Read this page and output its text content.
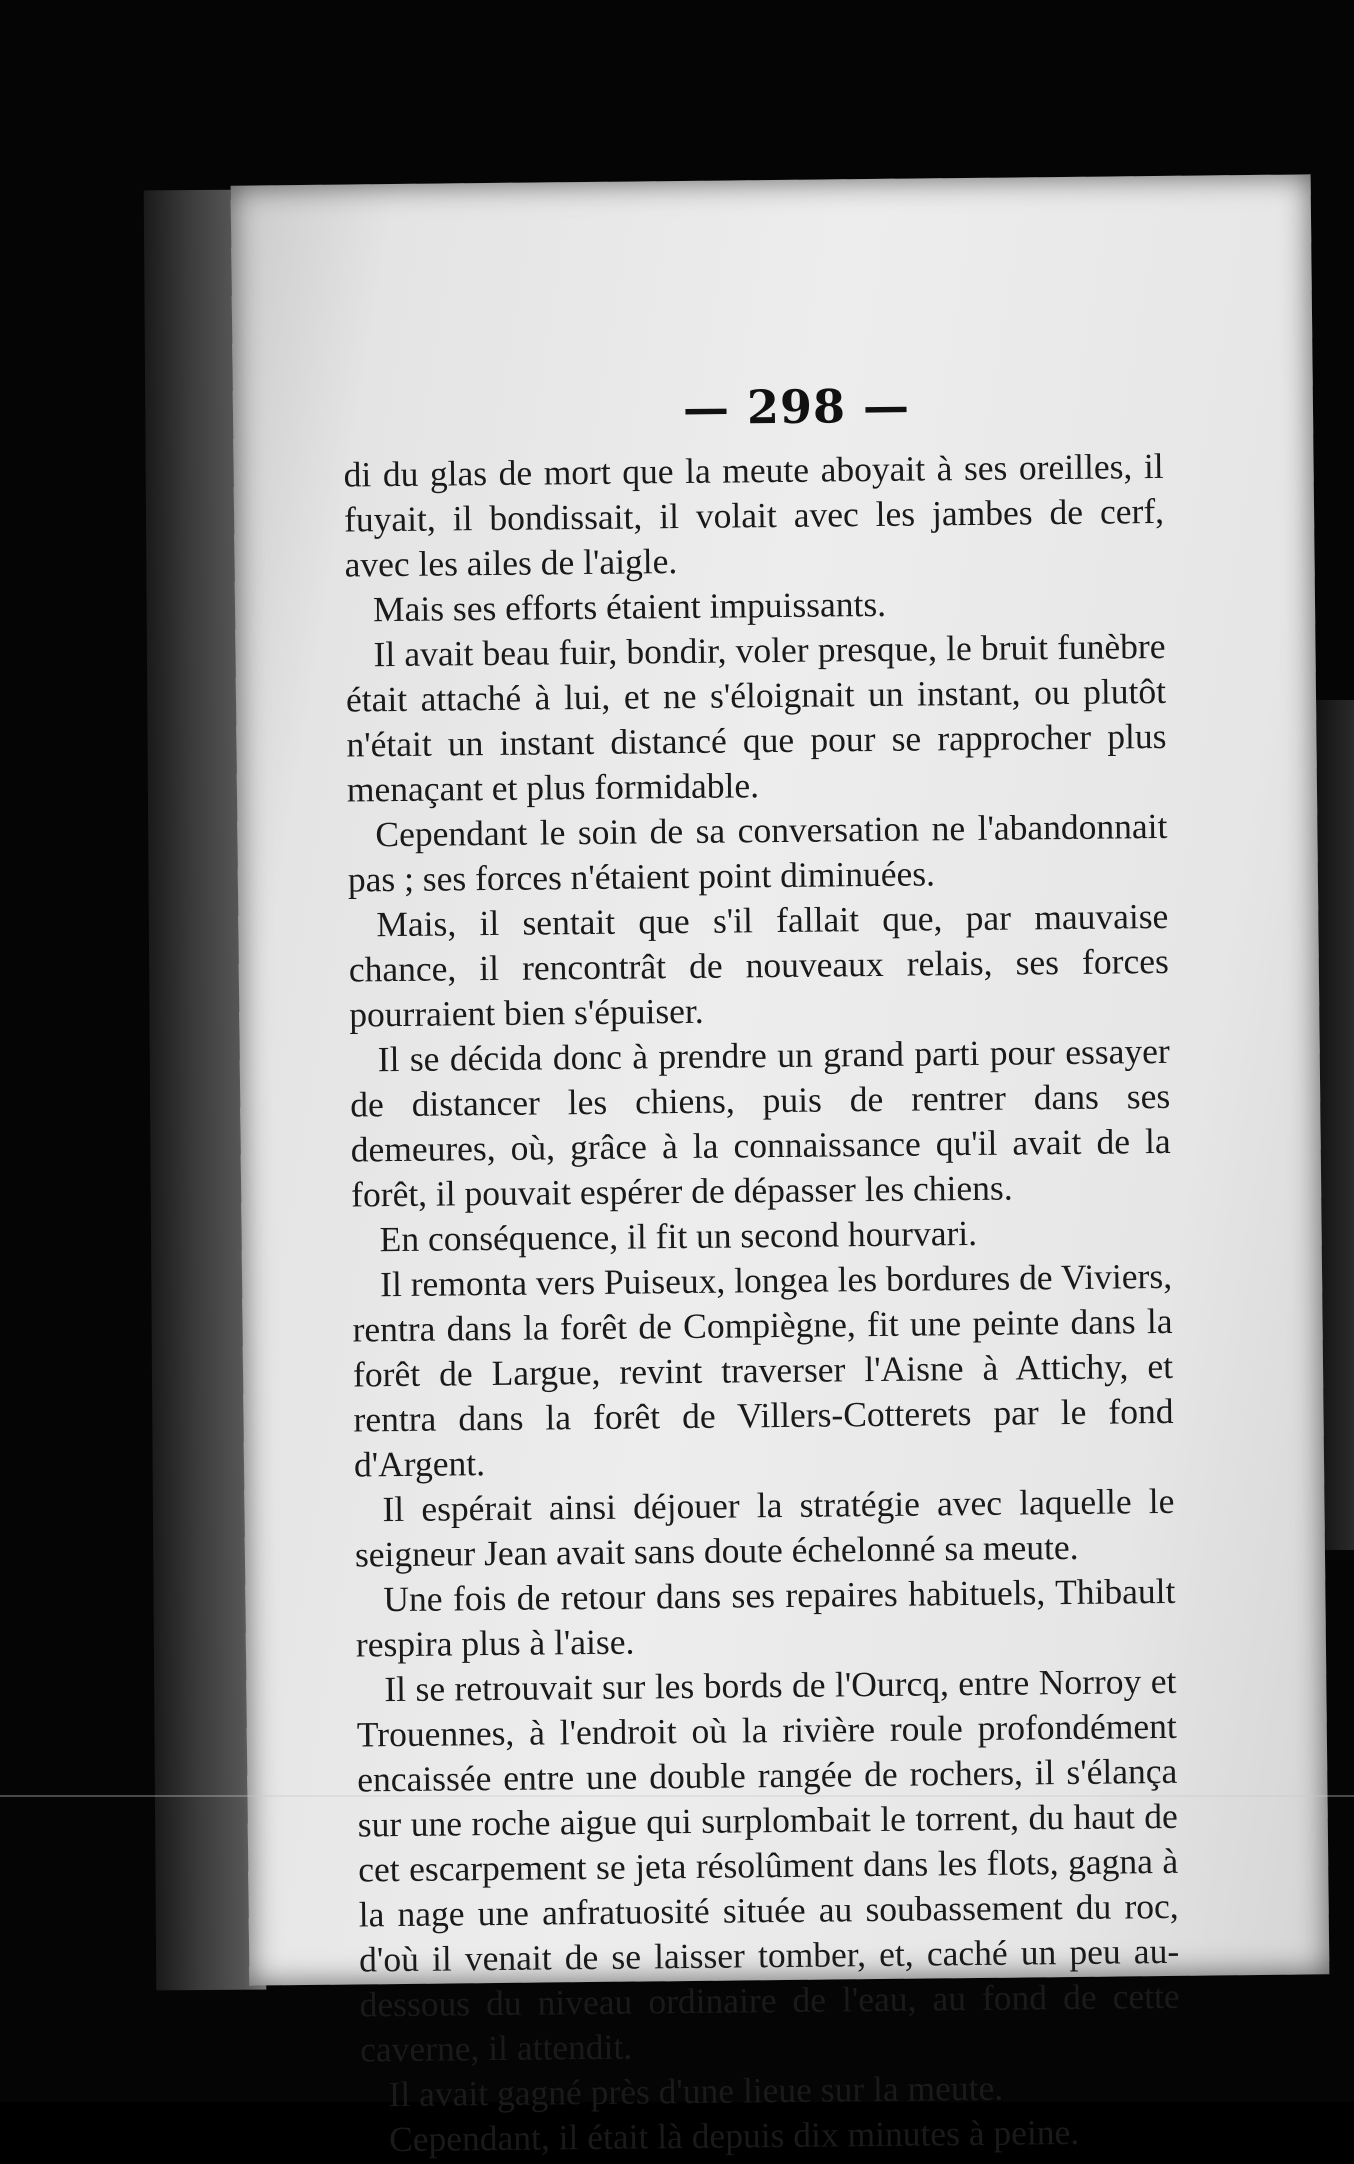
— 298 —

di du glas de mort que la meute aboyait à ses oreilles, il fuyait, il bondissait, il volait avec les jambes de cerf, avec les ailes de l'aigle.

Mais ses efforts étaient impuissants.

Il avait beau fuir, bondir, voler presque, le bruit funèbre était attaché à lui, et ne s'éloignait un instant, ou plutôt n'était un instant distancé que pour se rapprocher plus menaçant et plus formidable.

Cependant le soin de sa conversation ne l'abandonnait pas ; ses forces n'étaient point diminuées.

Mais, il sentait que s'il fallait que, par mauvaise chance, il rencontrât de nouveaux relais, ses forces pourraient bien s'épuiser.

Il se décida donc à prendre un grand parti pour essayer de distancer les chiens, puis de rentrer dans ses demeures, où, grâce à la connaissance qu'il avait de la forêt, il pouvait espérer de dépasser les chiens.

En conséquence, il fit un second hourvari.

Il remonta vers Puiseux, longea les bordures de Viviers, rentra dans la forêt de Compiègne, fit une peinte dans la forêt de Largue, revint traverser l'Aisne à Attichy, et rentra dans la forêt de Villers-Cotterets par le fond d'Argent.

Il espérait ainsi déjouer la stratégie avec laquelle le seigneur Jean avait sans doute échelonné sa meute.

Une fois de retour dans ses repaires habituels, Thibault respira plus à l'aise.

Il se retrouvait sur les bords de l'Ourcq, entre Norroy et Trouennes, à l'endroit où la rivière roule profondément encaissée entre une double rangée de rochers, il s'élança sur une roche aigue qui surplombait le torrent, du haut de cet escarpement se jeta résolûment dans les flots, gagna à la nage une anfratuosité située au soubassement du roc, d'où il venait de se laisser tomber, et, caché un peu au-dessous du niveau ordinaire de l'eau, au fond de cette caverne, il attendit.

Il avait gagné près d'une lieue sur la meute.

Cependant, il était là depuis dix minutes à peine.
